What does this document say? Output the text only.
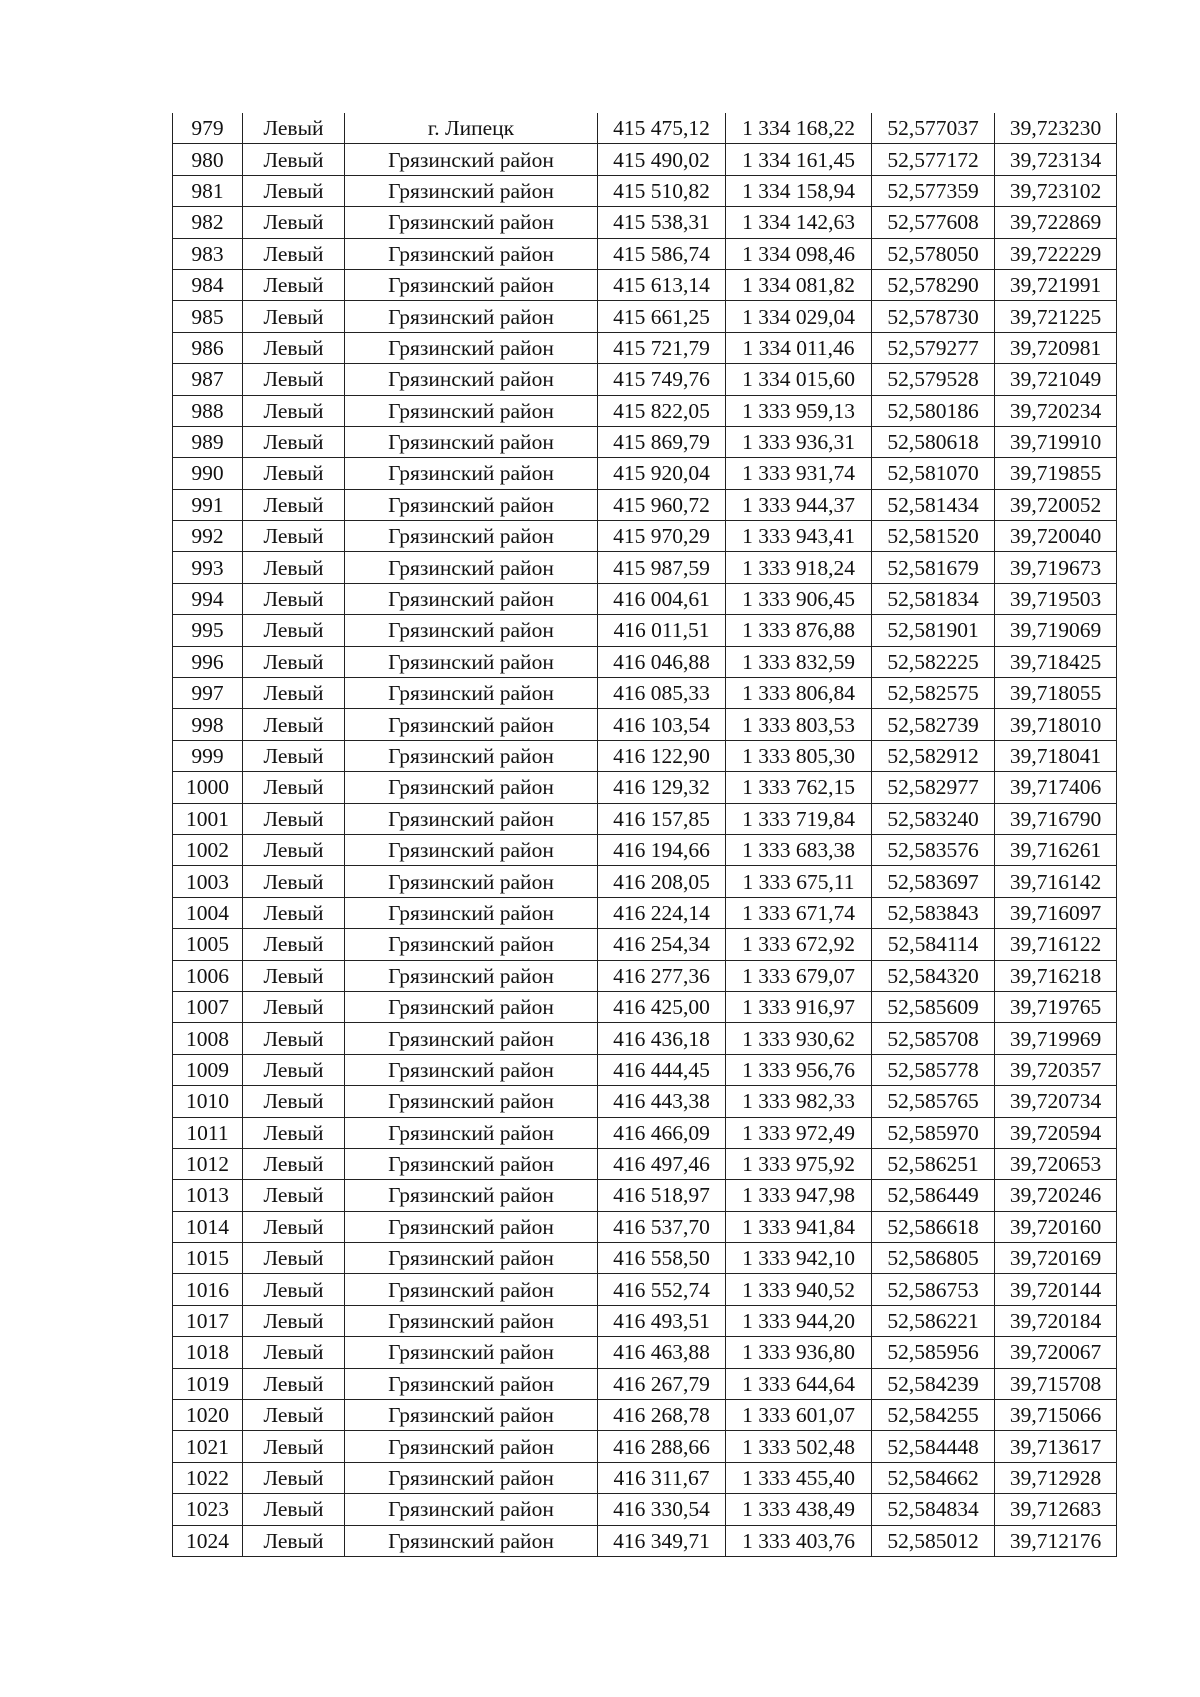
979	Левый	г. Липецк	415 475,12	1 334 168,22	52,577037	39,723230
980	Левый	Грязинский район	415 490,02	1 334 161,45	52,577172	39,723134
981	Левый	Грязинский район	415 510,82	1 334 158,94	52,577359	39,723102
982	Левый	Грязинский район	415 538,31	1 334 142,63	52,577608	39,722869
983	Левый	Грязинский район	415 586,74	1 334 098,46	52,578050	39,722229
984	Левый	Грязинский район	415 613,14	1 334 081,82	52,578290	39,721991
985	Левый	Грязинский район	415 661,25	1 334 029,04	52,578730	39,721225
986	Левый	Грязинский район	415 721,79	1 334 011,46	52,579277	39,720981
987	Левый	Грязинский район	415 749,76	1 334 015,60	52,579528	39,721049
988	Левый	Грязинский район	415 822,05	1 333 959,13	52,580186	39,720234
989	Левый	Грязинский район	415 869,79	1 333 936,31	52,580618	39,719910
990	Левый	Грязинский район	415 920,04	1 333 931,74	52,581070	39,719855
991	Левый	Грязинский район	415 960,72	1 333 944,37	52,581434	39,720052
992	Левый	Грязинский район	415 970,29	1 333 943,41	52,581520	39,720040
993	Левый	Грязинский район	415 987,59	1 333 918,24	52,581679	39,719673
994	Левый	Грязинский район	416 004,61	1 333 906,45	52,581834	39,719503
995	Левый	Грязинский район	416 011,51	1 333 876,88	52,581901	39,719069
996	Левый	Грязинский район	416 046,88	1 333 832,59	52,582225	39,718425
997	Левый	Грязинский район	416 085,33	1 333 806,84	52,582575	39,718055
998	Левый	Грязинский район	416 103,54	1 333 803,53	52,582739	39,718010
999	Левый	Грязинский район	416 122,90	1 333 805,30	52,582912	39,718041
1000	Левый	Грязинский район	416 129,32	1 333 762,15	52,582977	39,717406
1001	Левый	Грязинский район	416 157,85	1 333 719,84	52,583240	39,716790
1002	Левый	Грязинский район	416 194,66	1 333 683,38	52,583576	39,716261
1003	Левый	Грязинский район	416 208,05	1 333 675,11	52,583697	39,716142
1004	Левый	Грязинский район	416 224,14	1 333 671,74	52,583843	39,716097
1005	Левый	Грязинский район	416 254,34	1 333 672,92	52,584114	39,716122
1006	Левый	Грязинский район	416 277,36	1 333 679,07	52,584320	39,716218
1007	Левый	Грязинский район	416 425,00	1 333 916,97	52,585609	39,719765
1008	Левый	Грязинский район	416 436,18	1 333 930,62	52,585708	39,719969
1009	Левый	Грязинский район	416 444,45	1 333 956,76	52,585778	39,720357
1010	Левый	Грязинский район	416 443,38	1 333 982,33	52,585765	39,720734
1011	Левый	Грязинский район	416 466,09	1 333 972,49	52,585970	39,720594
1012	Левый	Грязинский район	416 497,46	1 333 975,92	52,586251	39,720653
1013	Левый	Грязинский район	416 518,97	1 333 947,98	52,586449	39,720246
1014	Левый	Грязинский район	416 537,70	1 333 941,84	52,586618	39,720160
1015	Левый	Грязинский район	416 558,50	1 333 942,10	52,586805	39,720169
1016	Левый	Грязинский район	416 552,74	1 333 940,52	52,586753	39,720144
1017	Левый	Грязинский район	416 493,51	1 333 944,20	52,586221	39,720184
1018	Левый	Грязинский район	416 463,88	1 333 936,80	52,585956	39,720067
1019	Левый	Грязинский район	416 267,79	1 333 644,64	52,584239	39,715708
1020	Левый	Грязинский район	416 268,78	1 333 601,07	52,584255	39,715066
1021	Левый	Грязинский район	416 288,66	1 333 502,48	52,584448	39,713617
1022	Левый	Грязинский район	416 311,67	1 333 455,40	52,584662	39,712928
1023	Левый	Грязинский район	416 330,54	1 333 438,49	52,584834	39,712683
1024	Левый	Грязинский район	416 349,71	1 333 403,76	52,585012	39,712176
